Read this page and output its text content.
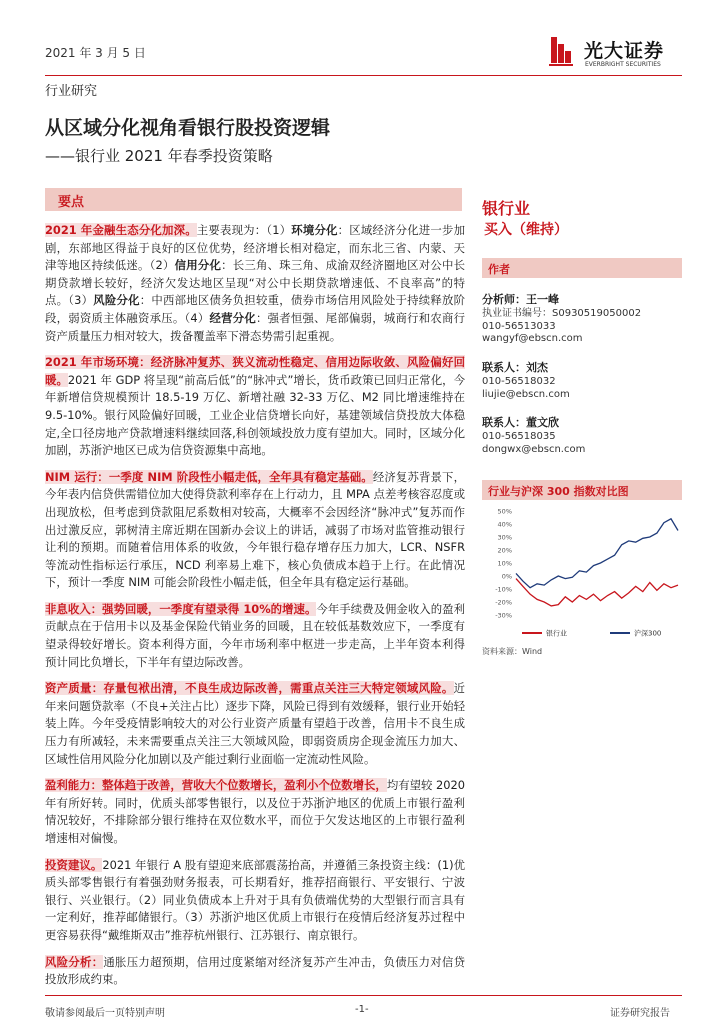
2021 年 3 月 5 日	光大证券
EVERBRIGHT SECURITIES
行业研究
从区域分化视角看银行股投资逻辑
——银行业 2021 年春季投资策略
要点

2021 年金融生态分化加深。主要表现为：（1）环境分化：区域经济分化进一步加剧，东部地区得益于良好的区位优势，经济增长相对稳定，而东北三省、内蒙、天津等地区持续低迷。（2）信用分化：长三角、珠三角、成渝双经济圈地区对公中长期贷款增长较好，经济欠发达地区呈现“对公中长期贷款增速低、不良率高”的特点。（3）风险分化：中西部地区债务负担较重，债券市场信用风险处于持续释放阶段，弱资质主体融资承压。（4）经营分化：强者恒强、尾部偏弱，城商行和农商行资产质量压力相对较大，拨备覆盖率下滑态势需引起重视。

2021 年市场环境：经济脉冲复苏、狭义流动性稳定、信用边际收敛、风险偏好回暖。2021 年 GDP 将呈现“前高后低”的“脉冲式”增长，货币政策已回归正常化，今年新增信贷规模预计 18.5-19 万亿、新增社融 32-33 万亿、M2 同比增速维持在 9.5-10%。银行风险偏好回暖，工业企业信贷增长向好，基建领域信贷投放大体稳定,全口径房地产贷款增速料继续回落,科创领域投放力度有望加大。同时，区域分化加剧，苏浙沪地区已成为信贷资源集中高地。

NIM 运行：一季度 NIM 阶段性小幅走低，全年具有稳定基础。经济复苏背景下，今年表内信贷供需错位加大使得贷款利率存在上行动力，且 MPA 点差考核容忍度或出现放松，但考虑到贷款阻尼系数相对较高，大概率不会因经济“脉冲式”复苏而作出过激反应，郭树清主席近期在国新办会议上的讲话，减弱了市场对监管推动银行让利的预期。而随着信用体系的收敛，今年银行稳存增存压力加大，LCR、NSFR 等流动性指标运行承压，NCD 利率易上难下，核心负债成本趋于上行。在此情况下，预计一季度 NIM 可能会阶段性小幅走低，但全年具有稳定运行基础。

非息收入：强势回暖，一季度有望录得 10%的增速。今年手续费及佣金收入的盈利贡献点在于信用卡以及基金保险代销业务的回暖，且在较低基数效应下，一季度有望录得较好增长。资本利得方面，今年市场利率中枢进一步走高，上半年资本利得预计同比负增长，下半年有望边际改善。

资产质量：存量包袱出清，不良生成边际改善，需重点关注三大特定领域风险。近年来问题贷款率（不良+关注占比）逐步下降，风险已得到有效缓释，银行业开始轻装上阵。今年受疫情影响较大的对公行业资产质量有望趋于改善，信用卡不良生成压力有所减轻，未来需要重点关注三大领域风险，即弱资质房企现金流压力加大、区域性信用风险分化加剧以及产能过剩行业面临一定流动性风险。

盈利能力：整体趋于改善，营收大个位数增长，盈利小个位数增长，均有望较 2020 年有所好转。同时，优质头部零售银行，以及位于苏浙沪地区的优质上市银行盈利情况较好，不排除部分银行维持在双位数水平，而位于欠发达地区的上市银行盈利增速相对偏慢。

投资建议。2021 年银行 A 股有望迎来底部震荡抬高，并遵循三条投资主线：(1)优质头部零售银行有着强劲财务报表，可长期看好，推荐招商银行、平安银行、宁波银行、兴业银行。（2）同业负债成本上升对于具有负债端优势的大型银行而言具有一定利好，推荐邮储银行。（3）苏浙沪地区优质上市银行在疫情后经济复苏过程中更容易获得“戴维斯双击”推荐杭州银行、江苏银行、南京银行。

风险分析：通胀压力超预期，信用过度紧缩对经济复苏产生冲击，负债压力对信贷投放形成约束。

银行业
买入（维持）
作者
分析师：王一峰
执业证书编号：S0930519050002
010-56513033
wangyf@ebscn.com
联系人：刘杰
010-56518032
liujie@ebscn.com
联系人：董文欣
010-56518035
dongwx@ebscn.com
行业与沪深 300 指数对比图
50%
40%
30%
20%
10%
0%
-10%
-20%
-30%
银行业	沪深300
资料来源：Wind
敬请参阅最后一页特别声明	-1-	证券研究报告
